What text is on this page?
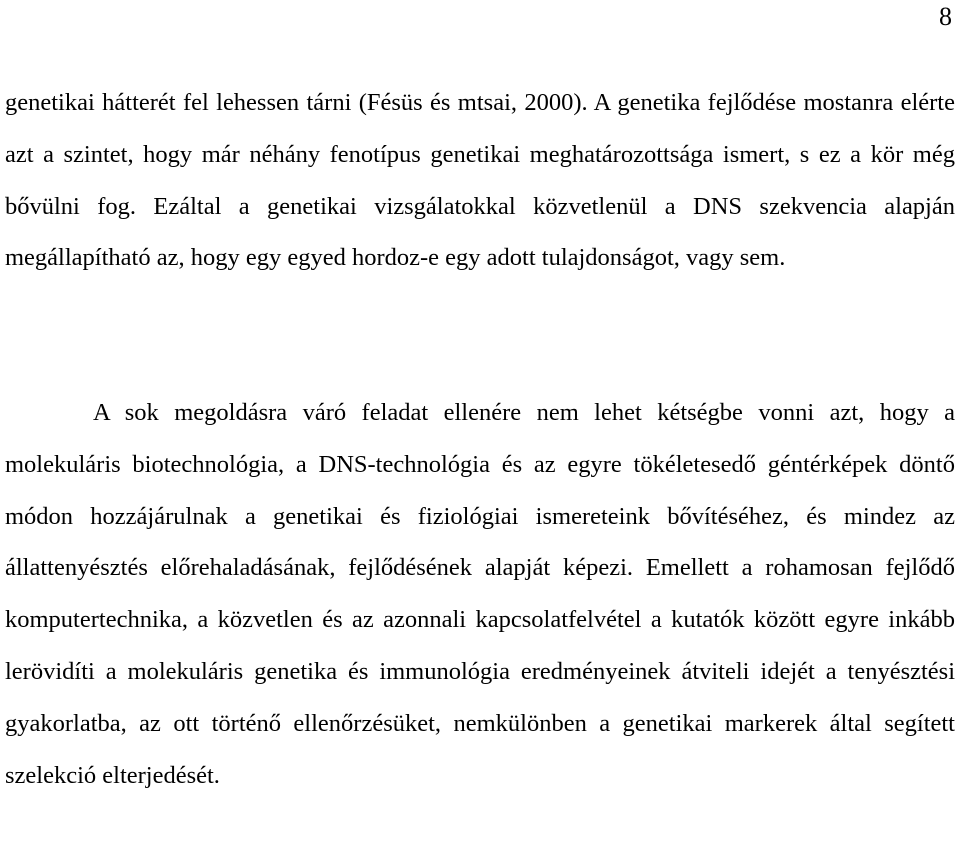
8

genetikai hátterét fel lehessen tárni (Fésüs és mtsai, 2000). A genetika fejlődése mostanra elérte azt a szintet, hogy már néhány fenotípus genetikai meghatározottsága ismert, s ez a kör még bővülni fog. Ezáltal a genetikai vizsgálatokkal közvetlenül a DNS szekvencia alapján megállapítható az, hogy egy egyed hordoz-e egy adott tulajdonságot, vagy sem.

A sok megoldásra váró feladat ellenére nem lehet kétségbe vonni azt, hogy a molekuláris biotechnológia, a DNS-technológia és az egyre tökéletesedő géntérképek döntő módon hozzájárulnak a genetikai és fiziológiai ismereteink bővítéséhez, és mindez az állattenyésztés előrehaladásának, fejlődésének alapját képezi. Emellett a rohamosan fejlődő komputertechnika, a közvetlen és az azonnali kapcsolatfelvétel a kutatók között egyre inkább lerövidíti a molekuláris genetika és immunológia eredményeinek átviteli idejét a tenyésztési gyakorlatba, az ott történő ellenőrzésüket, nemkülönben a genetikai markerek által segített szelekció elterjedését.
